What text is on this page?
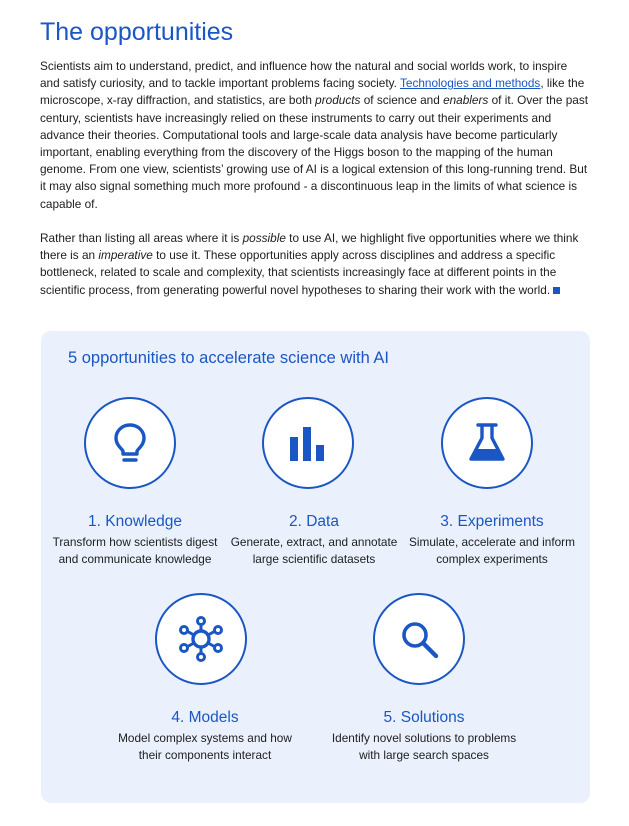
The opportunities

Scientists aim to understand, predict, and influence how the natural and social worlds work, to inspire and satisfy curiosity, and to tackle important problems facing society. Technologies and methods, like the microscope, x-ray diffraction, and statistics, are both products of science and enablers of it. Over the past century, scientists have increasingly relied on these instruments to carry out their experiments and advance their theories. Computational tools and large-scale data analysis have become particularly important, enabling everything from the discovery of the Higgs boson to the mapping of the human genome. From one view, scientists’ growing use of AI is a logical extension of this long-running trend. But it may also signal something much more profound - a discontinuous leap in the limits of what science is capable of.

Rather than listing all areas where it is possible to use AI, we highlight five opportunities where we think there is an imperative to use it. These opportunities apply across disciplines and address a specific bottleneck, related to scale and complexity, that scientists increasingly face at different points in the scientific process, from generating powerful novel hypotheses to sharing their work with the world.

5 opportunities to accelerate science with AI
1. Knowledge
Transform how scientists digest
and communicate knowledge
2. Data
Generate, extract, and annotate
large scientific datasets
3. Experiments
Simulate, accelerate and inform
complex experiments
4. Models
Model complex systems and how
their components interact
5. Solutions
Identify novel solutions to problems
with large search spaces
